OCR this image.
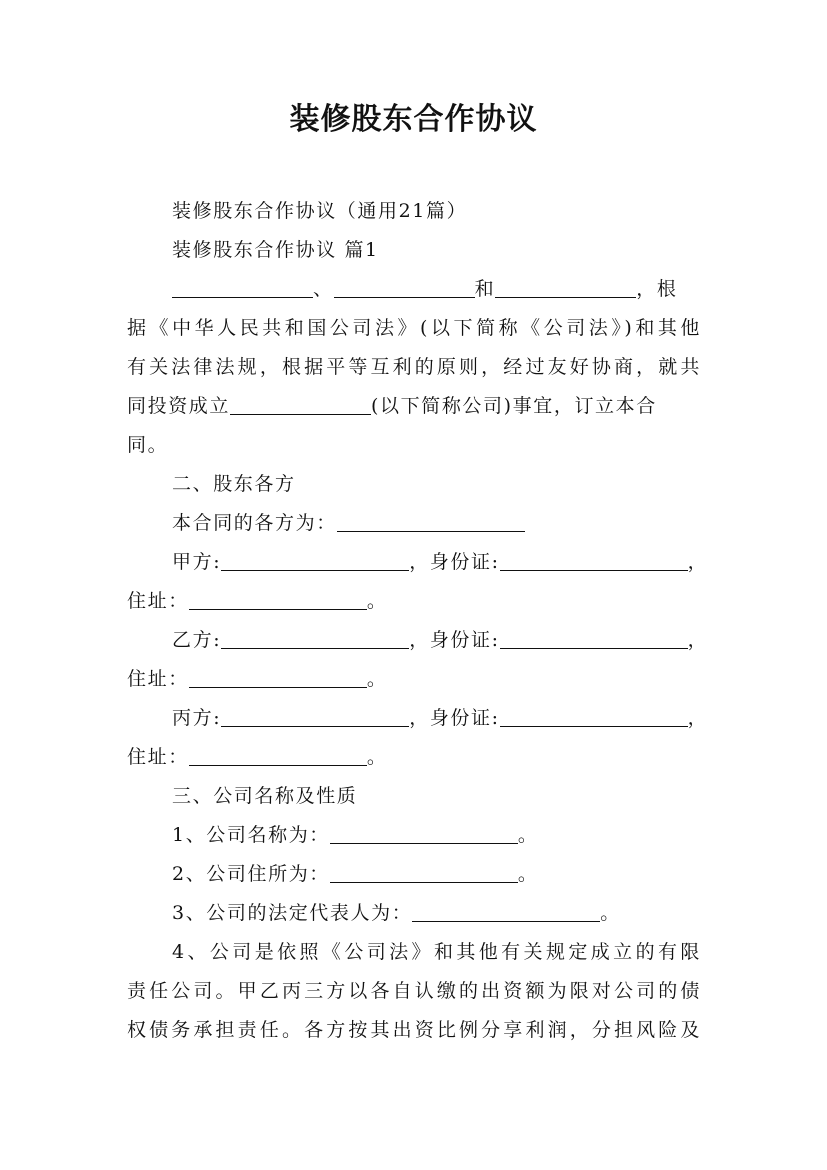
装修股东合作协议
装修股东合作协议（通用21篇）
装修股东合作协议 篇1
、	和	，根
据《中华人民共和国公司法》(以下简称《公司法》)和其他
有关法律法规，根据平等互利的原则，经过友好协商，就共
同投资成立	(以下简称公司)事宜，订立本合
同。
二、股东各方
本合同的各方为：
甲方:	，身份证:	，
住址：	。
乙方:	，身份证:	，
住址：	。
丙方:	，身份证:	，
住址：	。
三、公司名称及性质
1、公司名称为：	。
2、公司住所为：	。
3、公司的法定代表人为：	。
4、公司是依照《公司法》和其他有关规定成立的有限
责任公司。甲乙丙三方以各自认缴的出资额为限对公司的债
权债务承担责任。各方按其出资比例分享利润，分担风险及
